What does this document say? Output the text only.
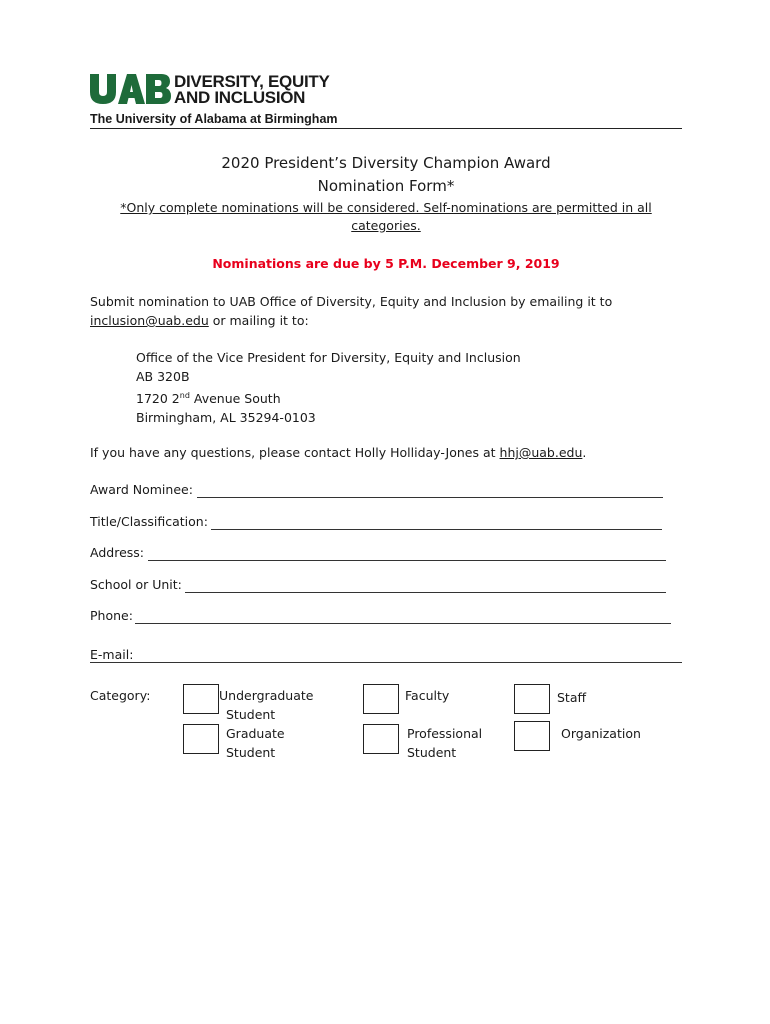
DIVERSITY, EQUITY
AND INCLUSION
The University of Alabama at Birmingham
2020 President’s Diversity Champion Award
Nomination Form*
*Only complete nominations will be considered. Self-nominations are permitted in all
categories.
Nominations are due by 5 P.M. December 9, 2019
Submit nomination to UAB Office of Diversity, Equity and Inclusion by emailing it to
inclusion@uab.edu or mailing it to:
Office of the Vice President for Diversity, Equity and Inclusion
AB 320B
1720 2nd Avenue South
Birmingham, AL 35294-0103
If you have any questions, please contact Holly Holliday-Jones at hhj@uab.edu.
Award Nominee:
Title/Classification:
Address:
School or Unit:
Phone:
E-mail:
Category:	Undergraduate
Student
Graduate
Student
Faculty
Professional
Student
Staff
Organization
